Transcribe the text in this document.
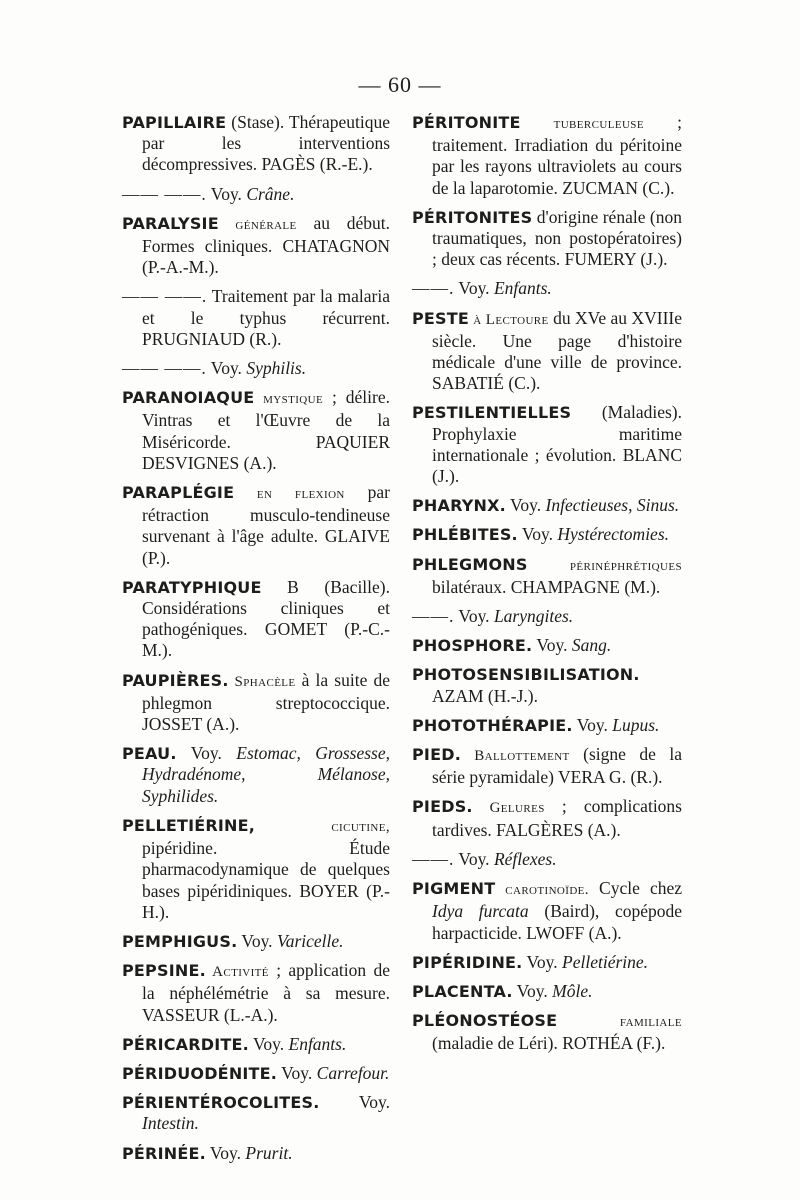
— 60 —

PAPILLAIRE (Stase). Thérapeutique par les interventions décompressives. PAGÈS (R.-E.).

—— ——. Voy. Crâne.

PARALYSIE générale au début. Formes cliniques. CHATAGNON (P.-A.-M.).

—— ——. Traitement par la malaria et le typhus récurrent. PRUGNIAUD (R.).

—— ——. Voy. Syphilis.

PARANOIAQUE mystique ; délire. Vintras et l'Œuvre de la Miséricorde. PAQUIER DESVIGNES (A.).

PARAPLÉGIE en flexion par rétraction musculo-tendineuse survenant à l'âge adulte. GLAIVE (P.).

PARATYPHIQUE B (Bacille). Considérations cliniques et pathogéniques. GOMET (P.-C.-M.).

PAUPIÈRES. Sphacèle à la suite de phlegmon streptococcique. JOSSET (A.).

PEAU. Voy. Estomac, Grossesse, Hydradénome, Mélanose, Syphilides.

PELLETIÉRINE, cicutine, pipéridine. Étude pharmacodynamique de quelques bases pipéridiniques. BOYER (P.-H.).

PEMPHIGUS. Voy. Varicelle.

PEPSINE. Activité ; application de la néphélémétrie à sa mesure. VASSEUR (L.-A.).

PÉRICARDITE. Voy. Enfants.

PÉRIDUODÉNITE. Voy. Carrefour.

PÉRIENTÉROCOLITES. Voy. Intestin.

PÉRINÉE. Voy. Prurit.

PÉRITONITE tuberculeuse ; traitement. Irradiation du péritoine par les rayons ultraviolets au cours de la laparotomie. ZUCMAN (C.).

PÉRITONITES d'origine rénale (non traumatiques, non postopératoires) ; deux cas récents. FUMERY (J.).

——. Voy. Enfants.

PESTE à Lectoure du XVe au XVIIIe siècle. Une page d'histoire médicale d'une ville de province. SABATIÉ (C.).

PESTILENTIELLES (Maladies). Prophylaxie maritime internationale ; évolution. BLANC (J.).

PHARYNX. Voy. Infectieuses, Sinus.

PHLÉBITES. Voy. Hystérectomies.

PHLEGMONS périnéphrétiques bilatéraux. CHAMPAGNE (M.).

——. Voy. Laryngites.

PHOSPHORE. Voy. Sang.

PHOTOSENSIBILISATION. AZAM (H.-J.).

PHOTOTHÉRAPIE. Voy. Lupus.

PIED. Ballottement (signe de la série pyramidale) VERA G. (R.).

PIEDS. Gelures ; complications tardives. FALGÈRES (A.).

——. Voy. Réflexes.

PIGMENT carotinoïde. Cycle chez Idya furcata (Baird), copépode harpacticide. LWOFF (A.).

PIPÉRIDINE. Voy. Pelletiérine.

PLACENTA. Voy. Môle.

PLÉONOSTÉOSE familiale (maladie de Léri). ROTHÉA (F.).
